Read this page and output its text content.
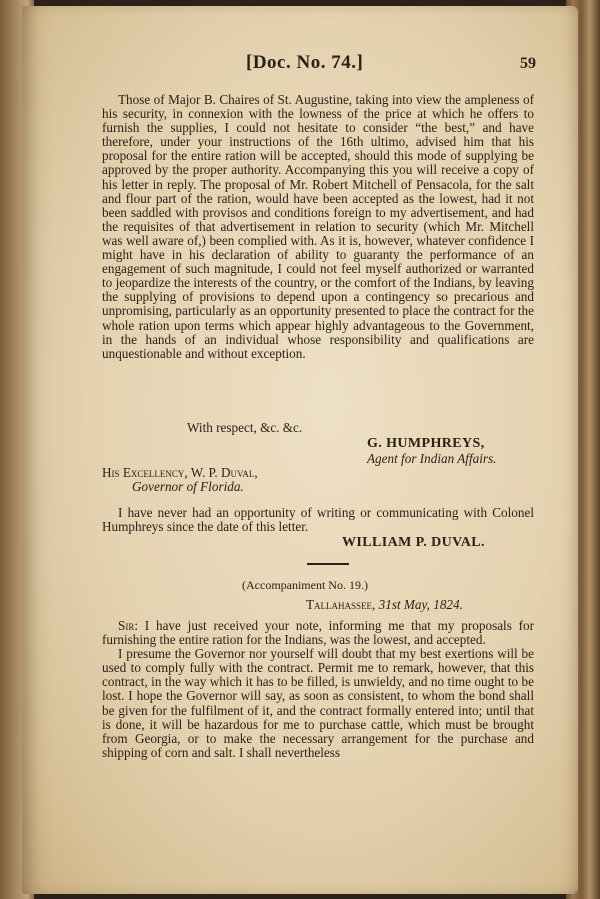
[Doc. No. 74.]	59

Those of Major B. Chaires of St. Augustine, taking into view the ampleness of his security, in connexion with the lowness of the price at which he offers to furnish the supplies, I could not hesitate to consider “the best,” and have therefore, under your instructions of the 16th ultimo, advised him that his proposal for the entire ration will be accepted, should this mode of supplying be approved by the proper authority. Accompanying this you will receive a copy of his letter in reply. The proposal of Mr. Robert Mitchell of Pensacola, for the salt and flour part of the ration, would have been accepted as the lowest, had it not been saddled with provisos and conditions foreign to my advertisement, and had the requisites of that advertisement in relation to security (which Mr. Mitchell was well aware of,) been complied with. As it is, however, whatever confidence I might have in his declaration of ability to guaranty the performance of an engagement of such magnitude, I could not feel myself authorized or warranted to jeopardize the interests of the country, or the comfort of the Indians, by leaving the supplying of provisions to depend upon a contingency so precarious and unpromising, particularly as an opportunity presented to place the contract for the whole ration upon terms which appear highly advantageous to the Government, in the hands of an individual whose responsibility and qualifications are unquestionable and without exception.

With respect, &c. &c.
G. HUMPHREYS,
Agent for Indian Affairs.
His Excellency, W. P. Duval,
Governor of Florida.

I have never had an opportunity of writing or communicating with Colonel Humphreys since the date of this letter.

WILLIAM P. DUVAL.
(Accompaniment No. 19.)
Tallahassee, 31st May, 1824.

Sir: I have just received your note, informing me that my proposals for furnishing the entire ration for the Indians, was the lowest, and accepted.

I presume the Governor nor yourself will doubt that my best exertions will be used to comply fully with the contract. Permit me to remark, however, that this contract, in the way which it has to be filled, is unwieldy, and no time ought to be lost. I hope the Governor will say, as soon as consistent, to whom the bond shall be given for the fulfilment of it, and the contract formally entered into; until that is done, it will be hazardous for me to purchase cattle, which must be brought from Georgia, or to make the necessary arrangement for the purchase and shipping of corn and salt. I shall nevertheless
